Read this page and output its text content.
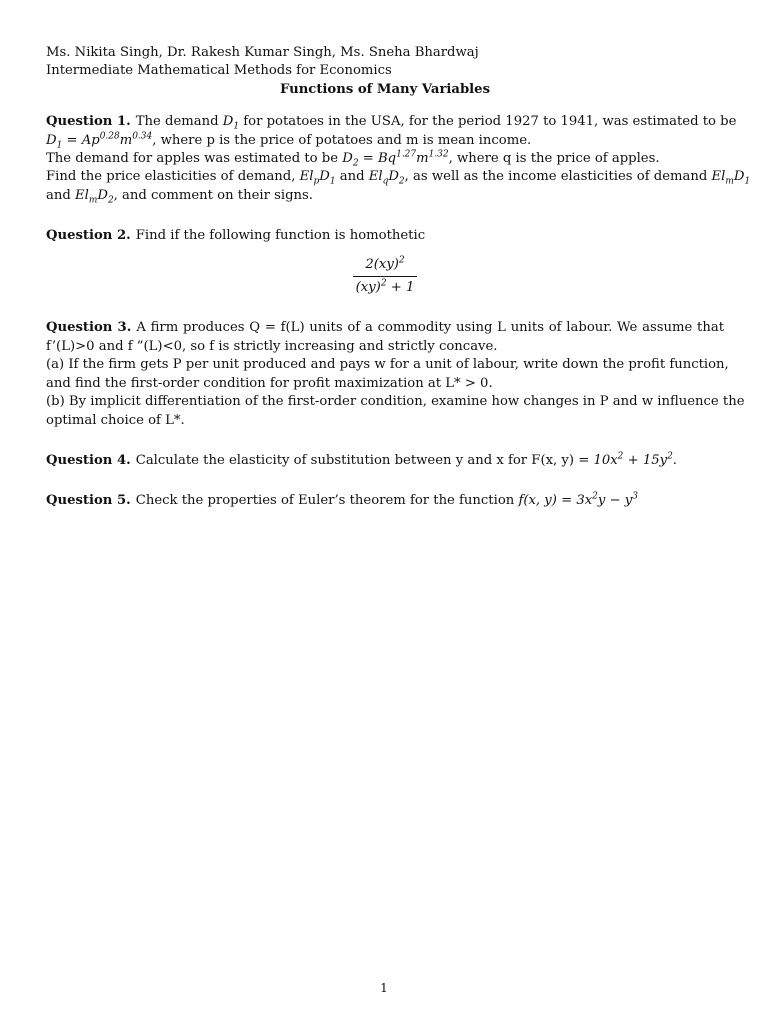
Ms. Nikita Singh, Dr. Rakesh Kumar Singh, Ms. Sneha Bhardwaj
Intermediate Mathematical Methods for Economics
Functions of Many Variables
Question 1. The demand $D_1$ for potatoes in the USA, for the period 1927 to 1941, was estimated to be
$D_1 = Ap^{0.28}m^{0.34}$, where p is the price of potatoes and m is mean income.
The demand for apples was estimated to be $D_2 = Bq^{1.27}m^{1.32}$, where q is the price of apples.
Find the price elasticities of demand, $El_pD_1$ and $El_qD_2$, as well as the income elasticities of demand $El_mD_1$
and $El_mD_2$, and comment on their signs.
Question 2. Find if the following function is homothetic
$\frac{2(xy)^2}{(xy)^2 + 1}$
Question 3. A firm produces Q = f(L) units of a commodity using L units of labour. We assume that
f’(L)>0 and f ”(L)<0, so f is strictly increasing and strictly concave.
(a) If the firm gets P per unit produced and pays w for a unit of labour, write down the profit function,
and find the first-order condition for profit maximization at L* > 0.
(b) By implicit differentiation of the first-order condition, examine how changes in P and w influence the
optimal choice of L*.
Question 4. Calculate the elasticity of substitution between y and x for F(x, $y) = 10x^2 + 15y^2$.
Question 5. Check the properties of Euler’s theorem for the function f(x, $y) = 3x^2y - y^3$
1
